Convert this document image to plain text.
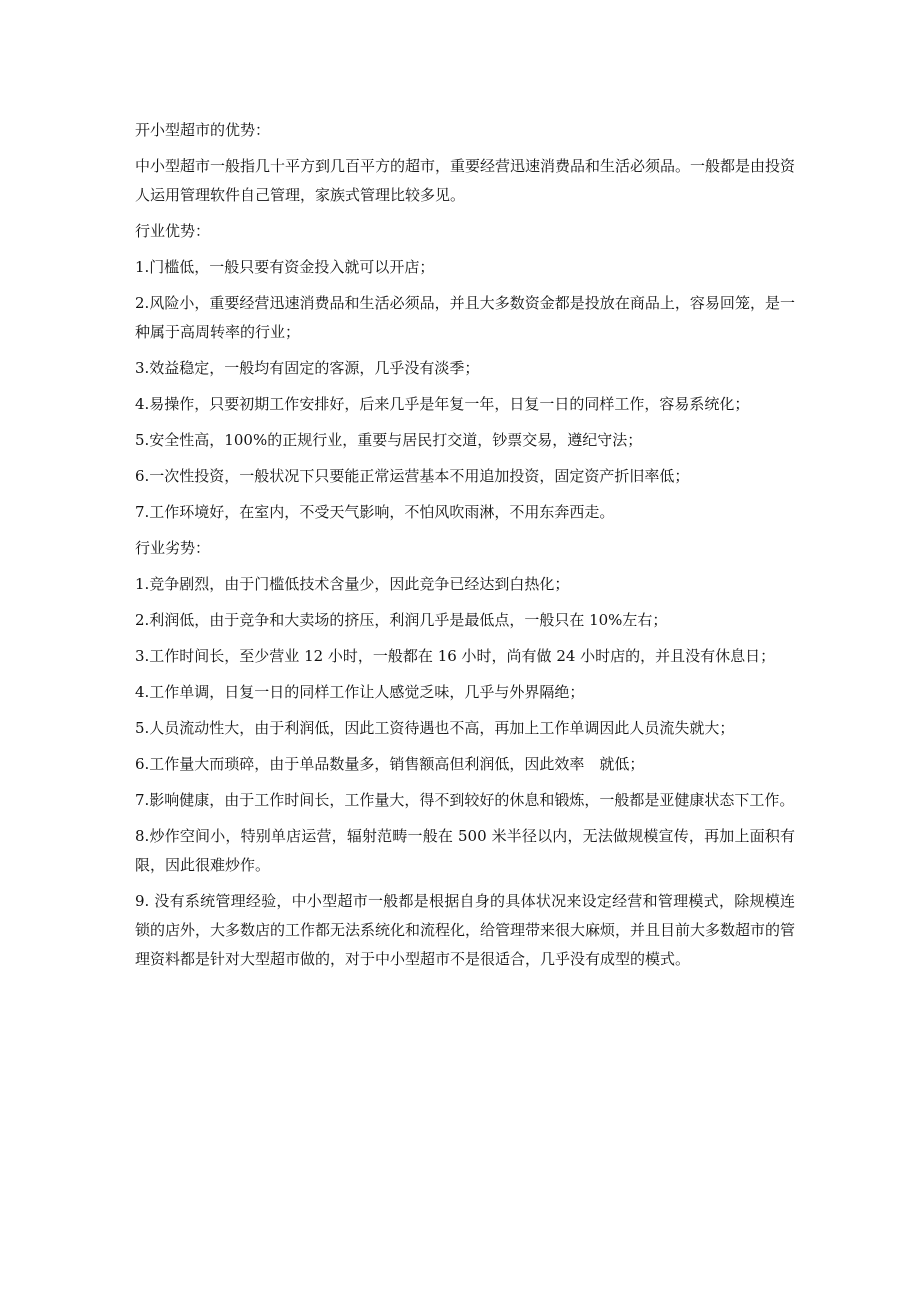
开小型超市的优势：

中小型超市一般指几十平方到几百平方的超市，重要经营迅速消费品和生活必须品。一般都是由投资人运用管理软件自己管理，家族式管理比较多见。

行业优势：

1.门槛低，一般只要有资金投入就可以开店；

2.风险小，重要经营迅速消费品和生活必须品，并且大多数资金都是投放在商品上，容易回笼，是一种属于高周转率的行业；

3.效益稳定，一般均有固定的客源，几乎没有淡季；

4.易操作，只要初期工作安排好，后来几乎是年复一年，日复一日的同样工作，容易系统化；

5.安全性高，100%的正规行业，重要与居民打交道，钞票交易，遵纪守法；

6.一次性投资，一般状况下只要能正常运营基本不用追加投资，固定资产折旧率低；

7.工作环境好，在室内，不受天气影响，不怕风吹雨淋，不用东奔西走。

行业劣势：

1.竞争剧烈，由于门槛低技术含量少，因此竞争已经达到白热化；

2.利润低，由于竞争和大卖场的挤压，利润几乎是最低点，一般只在 10%左右；

3.工作时间长，至少营业 12 小时，一般都在 16 小时，尚有做 24 小时店的，并且没有休息日；

4.工作单调，日复一日的同样工作让人感觉乏味，几乎与外界隔绝；

5.人员流动性大，由于利润低，因此工资待遇也不高，再加上工作单调因此人员流失就大；

6.工作量大而琐碎，由于单品数量多，销售额高但利润低，因此效率　就低；

7.影响健康，由于工作时间长，工作量大，得不到较好的休息和锻炼，一般都是亚健康状态下工作。

8.炒作空间小，特别单店运营，辐射范畴一般在 500 米半径以内，无法做规模宣传，再加上面积有限，因此很难炒作。

9. 没有系统管理经验，中小型超市一般都是根据自身的具体状况来设定经营和管理模式，除规模连锁的店外，大多数店的工作都无法系统化和流程化，给管理带来很大麻烦，并且目前大多数超市的管理资料都是针对大型超市做的，对于中小型超市不是很适合，几乎没有成型的模式。
